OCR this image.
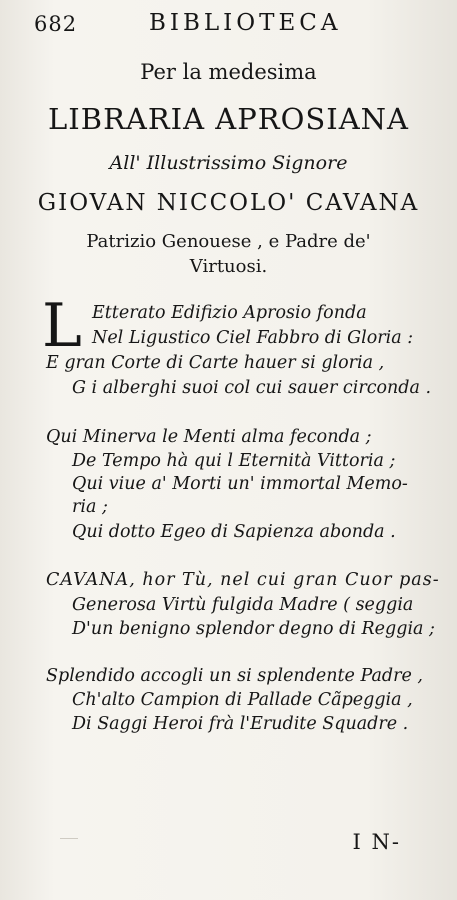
682	BIBLIOTECA
Per la medesima
LIBRARIA APROSIANA
All' Illustrissimo Signore
GIOVAN NICCOLO' CAVANA
Patrizio Genouese , e Padre de'
Virtuosi.
L Etterato Edifizio Aprosio fonda
Nel Ligustico Ciel Fabbro di Gloria :
E gran Corte di Carte hauer si gloria ,
G i alberghi suoi col cui sauer circonda .
Qui Minerva le Menti alma feconda ;
De Tempo hà qui l Eternità Vittoria ;
Qui viue a' Morti un' immortal Memo-
ria ;
Qui dotto Egeo di Sapienza abonda .
CAVANA, hor Tù, nel cui gran Cuor pas-
Generosa Virtù fulgida Madre ( seggia
D'un benigno splendor degno di Reggia ;
Splendido accogli un si splendente Padre ,
Ch'alto Campion di Pallade Cãpeggia ,
Di Saggi Heroi frà l'Erudite Squadre .
I N-
